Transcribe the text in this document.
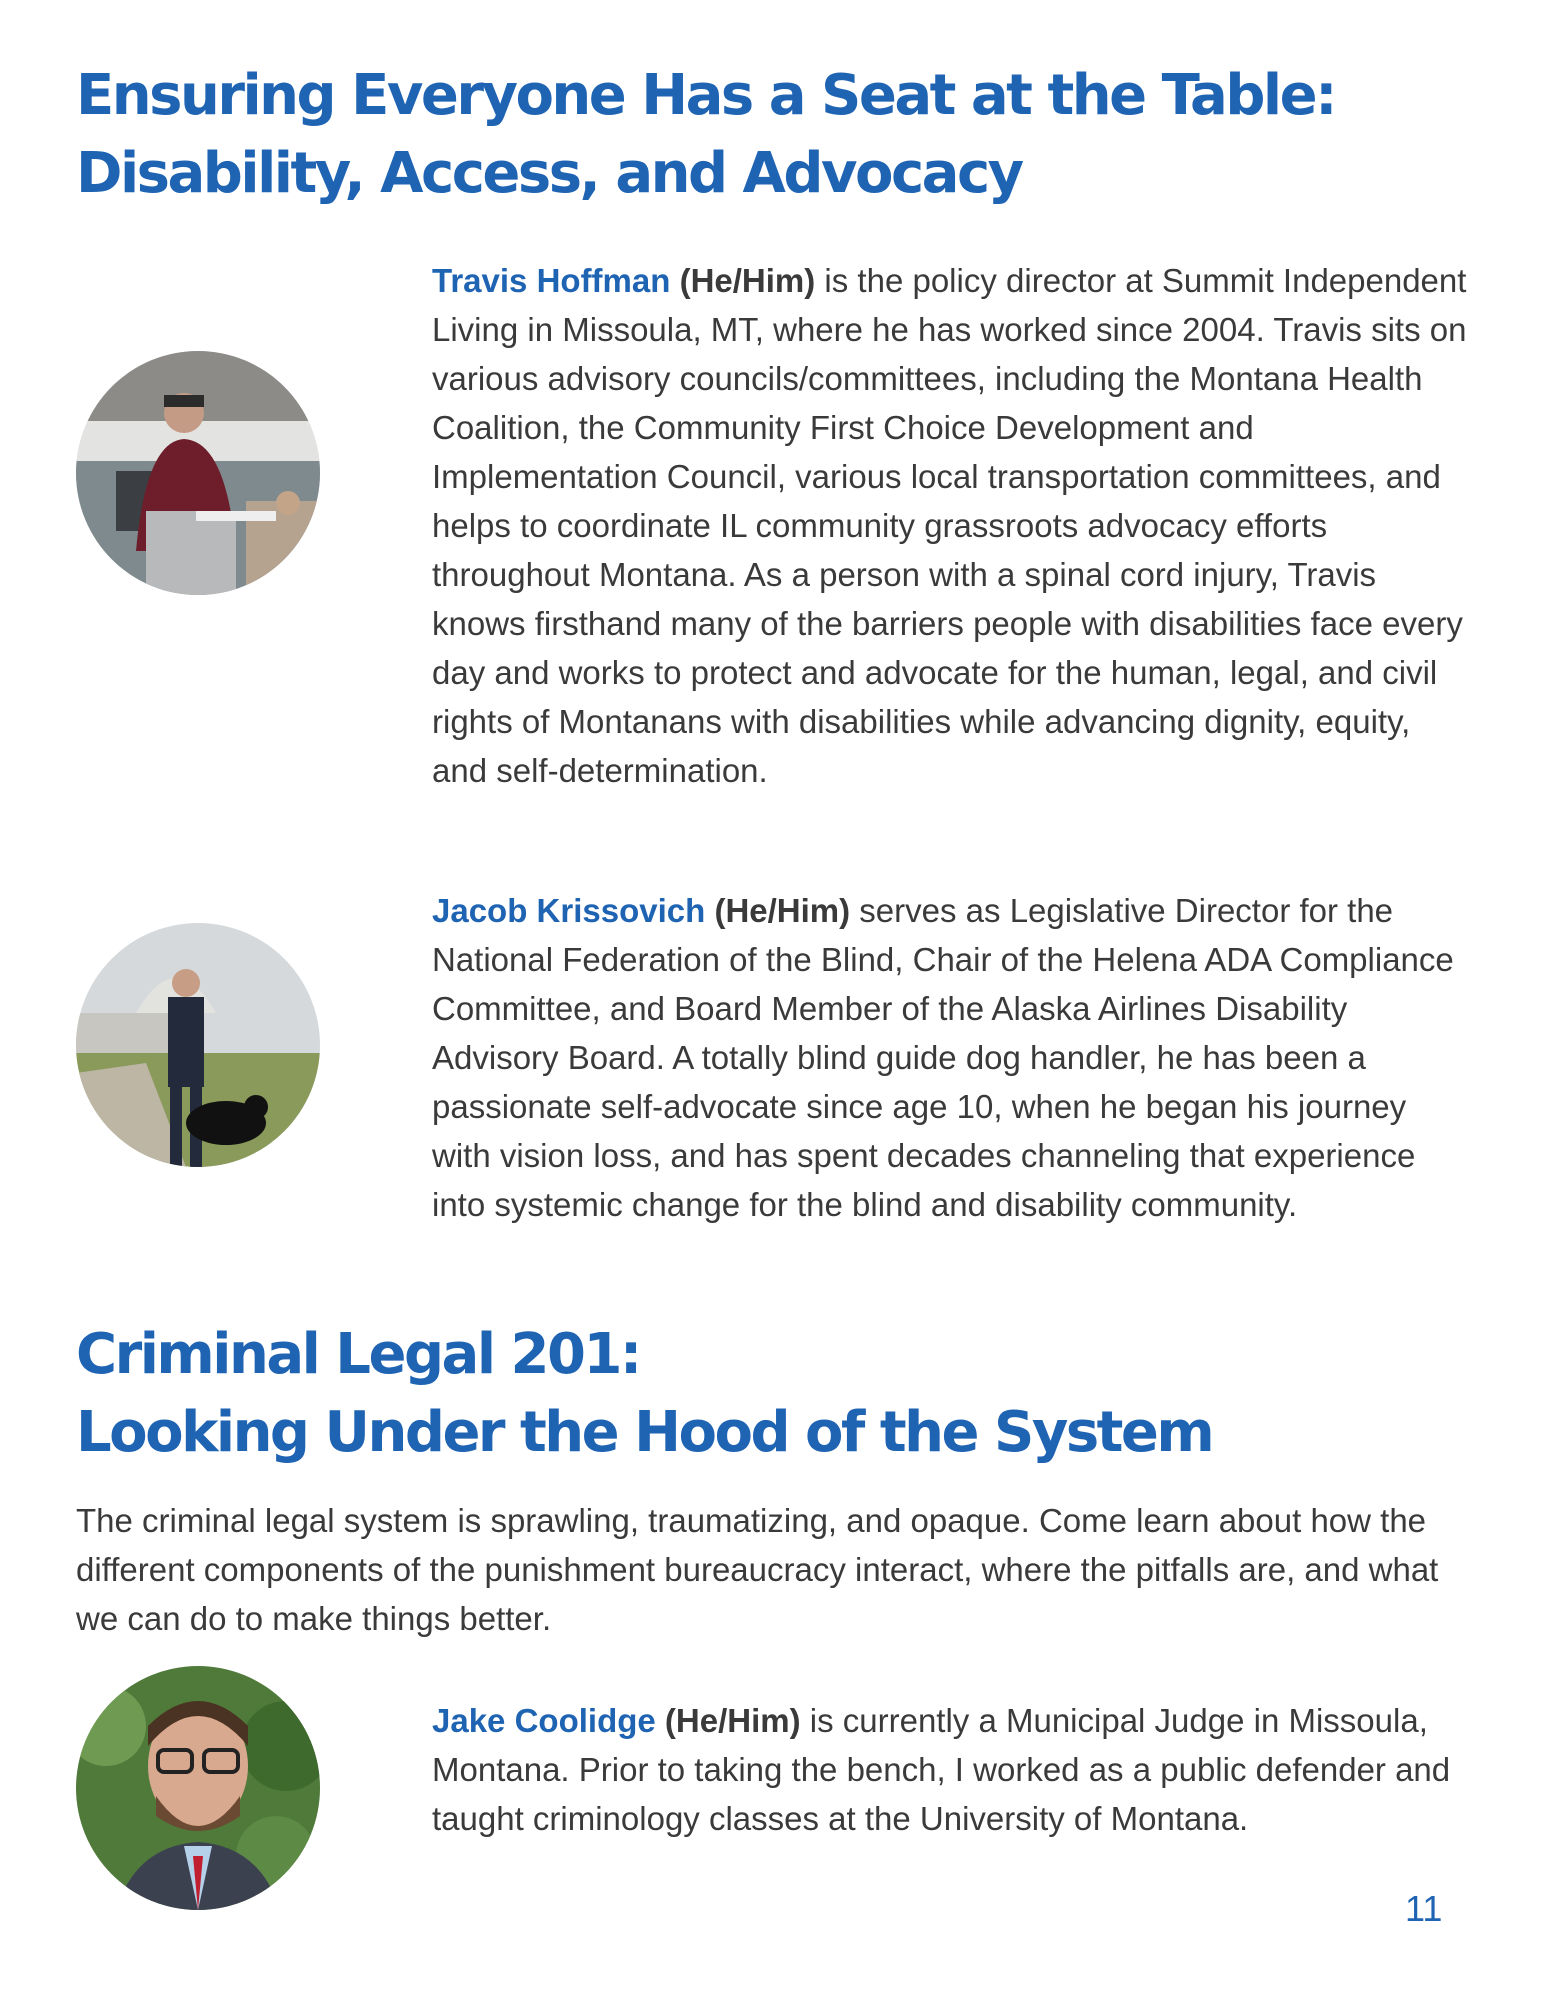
Ensuring Everyone Has a Seat at the Table:
Disability, Access, and Advocacy

Travis Hoffman (He/Him) is the policy director at Summit Independent Living in Missoula, MT, where he has worked since 2004. Travis sits on various advisory councils/committees, including the Montana Health Coalition, the Community First Choice Development and Implementation Council, various local transportation committees, and helps to coordinate IL community grassroots advocacy efforts throughout Montana. As a person with a spinal cord injury, Travis knows firsthand many of the barriers people with disabilities face every day and works to protect and advocate for the human, legal, and civil rights of Montanans with disabilities while advancing dignity, equity, and self-determination.

Jacob Krissovich (He/Him) serves as Legislative Director for the National Federation of the Blind, Chair of the Helena ADA Compliance Committee, and Board Member of the Alaska Airlines Disability Advisory Board. A totally blind guide dog handler, he has been a passionate self-advocate since age 10, when he began his journey with vision loss, and has spent decades channeling that experience into systemic change for the blind and disability community.

Criminal Legal 201:
Looking Under the Hood of the System

The criminal legal system is sprawling, traumatizing, and opaque. Come learn about how the different components of the punishment bureaucracy interact, where the pitfalls are, and what we can do to make things better.

Jake Coolidge (He/Him) is currently a Municipal Judge in Missoula, Montana. Prior to taking the bench, I worked as a public defender and taught criminology classes at the University of Montana.

11
